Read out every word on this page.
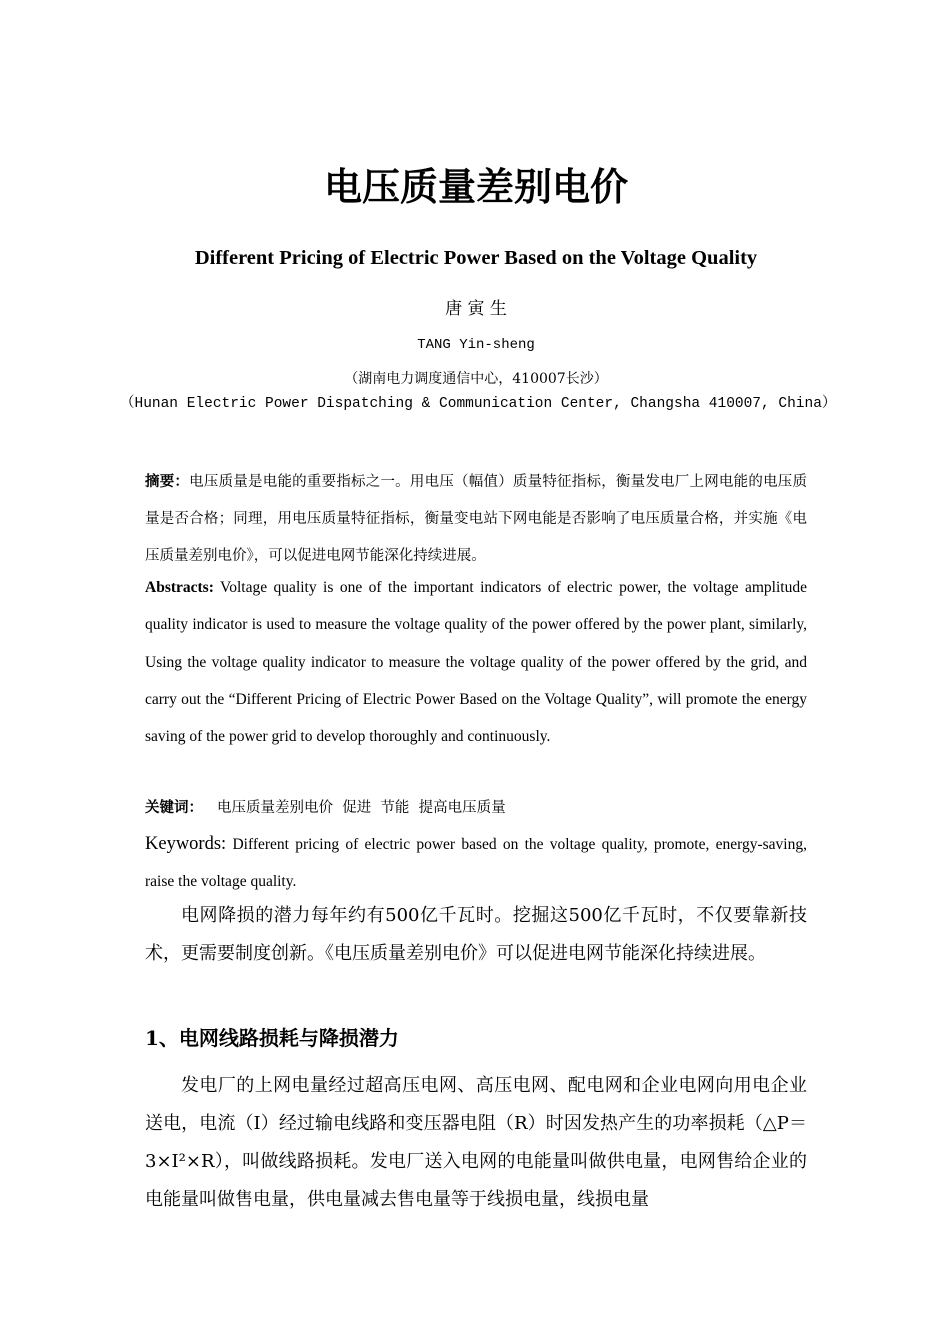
电压质量差别电价
Different Pricing of Electric Power Based on the Voltage Quality
唐 寅 生
TANG Yin-sheng
（湖南电力调度通信中心，410007长沙）
（Hunan Electric Power Dispatching & Communication Center, Changsha 410007, China）
摘要：电压质量是电能的重要指标之一。用电压（幅值）质量特征指标，衡量发电厂上网电能的电压质量是否合格；同理，用电压质量特征指标，衡量变电站下网电能是否影响了电压质量合格，并实施《电压质量差别电价》，可以促进电网节能深化持续进展。
Abstracts: Voltage quality is one of the important indicators of electric power, the voltage amplitude quality indicator is used to measure the voltage quality of the power offered by the power plant, similarly, Using the voltage quality indicator to measure the voltage quality of the power offered by the grid, and carry out the “Different Pricing of Electric Power Based on the Voltage Quality”, will promote the energy saving of the power grid to develop thoroughly and continuously.
关键词： 电压质量差别电价  促进  节能  提高电压质量
Keywords: Different pricing of electric power based on the voltage quality, promote, energy-saving, raise the voltage quality.
电网降损的潜力每年约有500亿千瓦时。挖掘这500亿千瓦时，不仅要靠新技术，更需要制度创新。《电压质量差别电价》可以促进电网节能深化持续进展。
1、电网线路损耗与降损潜力
发电厂的上网电量经过超高压电网、高压电网、配电网和企业电网向用电企业送电，电流（I）经过输电线路和变压器电阻（R）时因发热产生的功率损耗（△P＝3×I²×R），叫做线路损耗。发电厂送入电网的电能量叫做供电量，电网售给企业的电能量叫做售电量，供电量减去售电量等于线损电量，线损电量
